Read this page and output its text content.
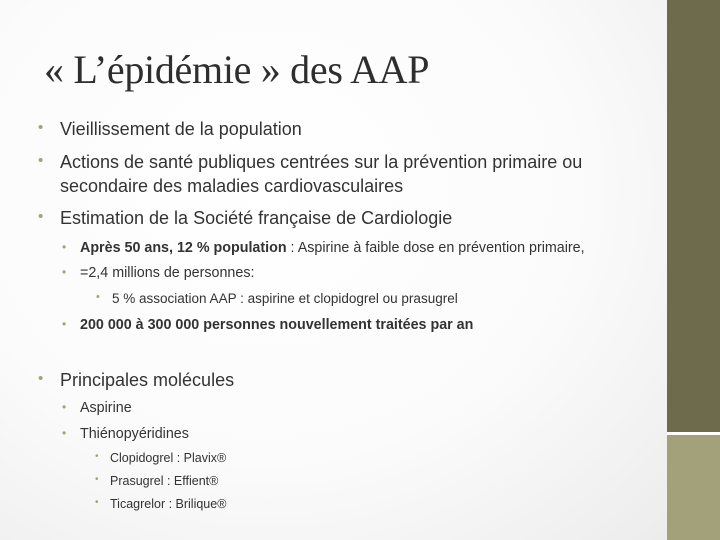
« L’épidémie » des AAP
• Vieillissement de la population
• Actions de santé publiques centrées sur la prévention primaire ou
secondaire des maladies cardiovasculaires
• Estimation de la Société française de Cardiologie
• Après 50 ans, 12 % population : Aspirine à faible dose en prévention primaire,
• =2,4 millions de personnes:
• 5 % association AAP : aspirine et clopidogrel ou prasugrel
• 200 000 à 300 000 personnes nouvellement traitées par an
• Principales molécules
• Aspirine
• Thiénopyéridines
• Clopidogrel : Plavix®
• Prasugrel : Effient®
• Ticagrelor : Brilique®
